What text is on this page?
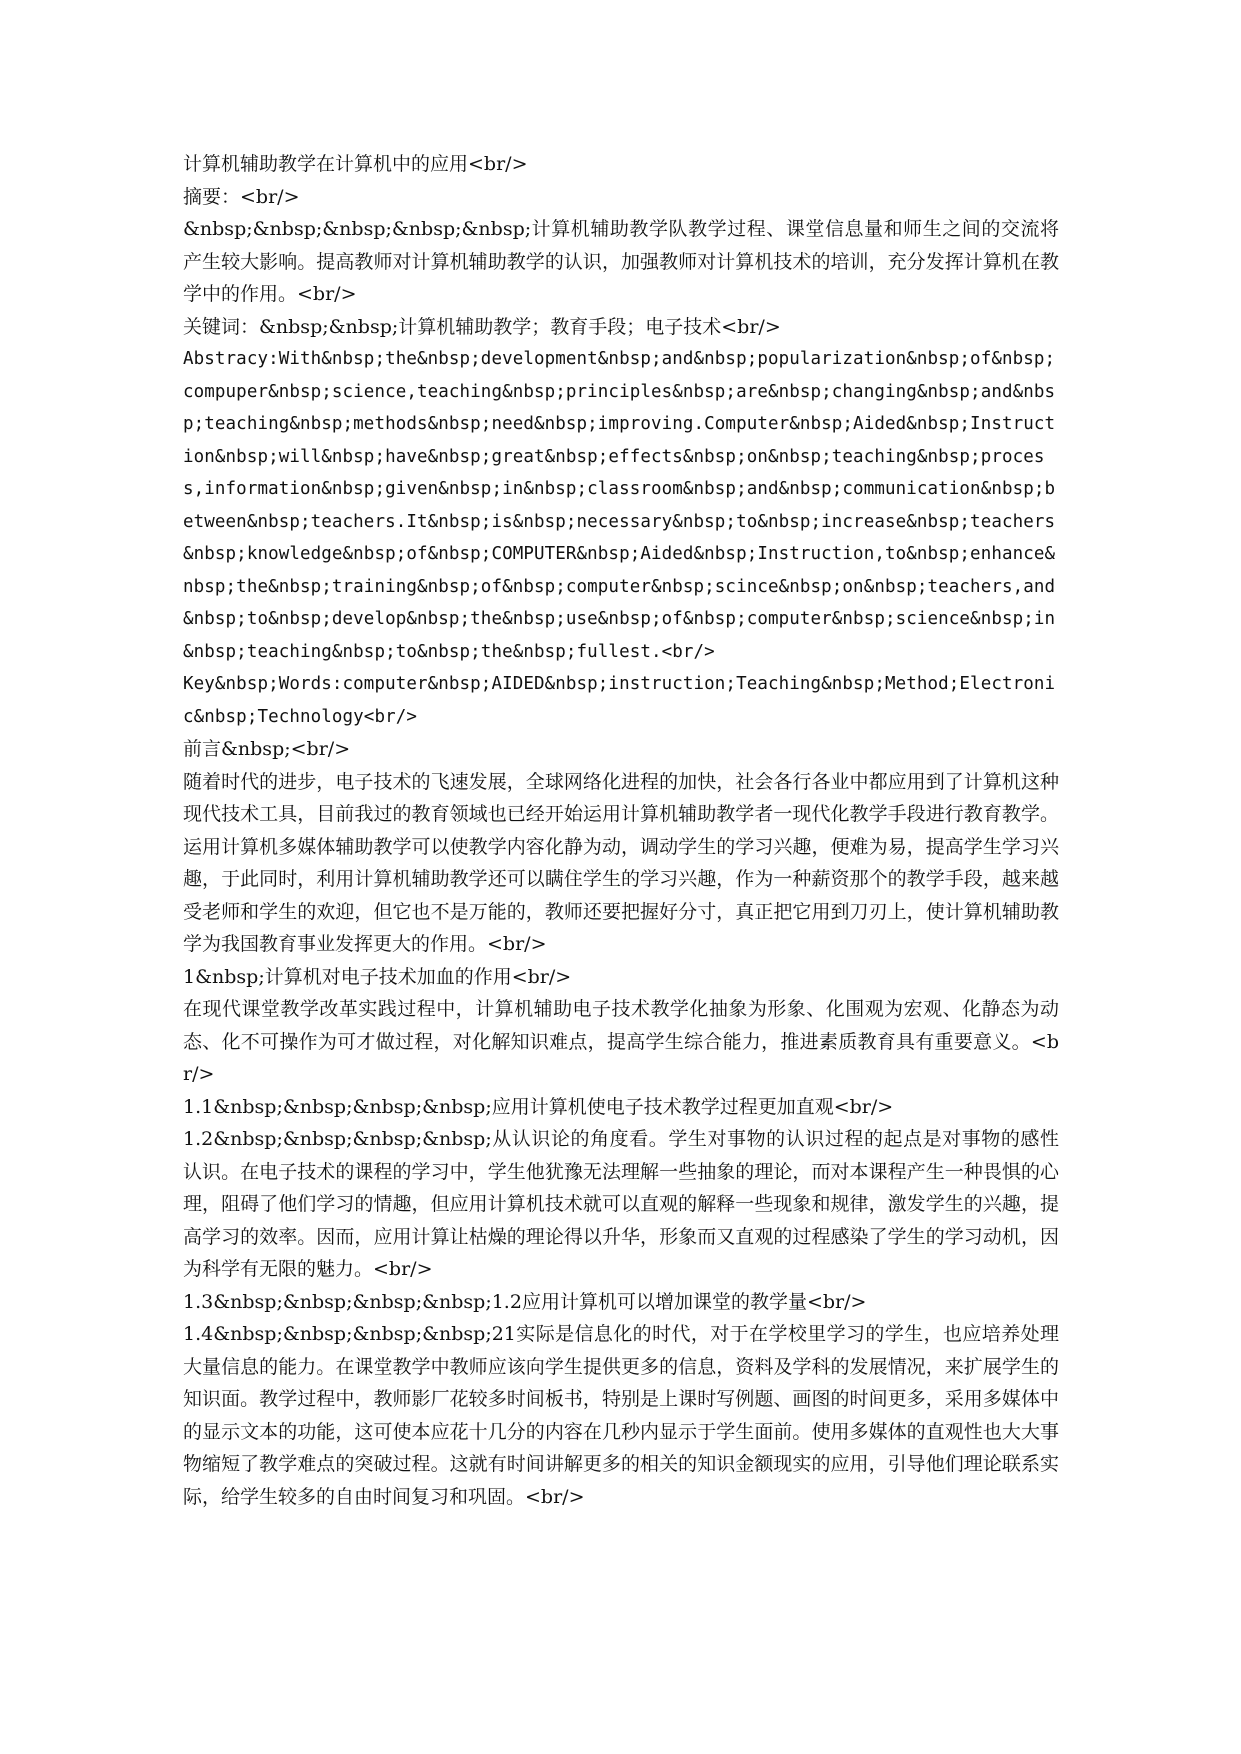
计算机辅助教学在计算机中的应用<br/>

摘要：<br/>

&nbsp;&nbsp;&nbsp;&nbsp;&nbsp;计算机辅助教学队教学过程、课堂信息量和师生之间的交流将产生较大影响。提高教师对计算机辅助教学的认识，加强教师对计算机技术的培训，充分发挥计算机在教学中的作用。<br/>

关键词：&nbsp;&nbsp;计算机辅助教学；教育手段；电子技术<br/>

Abstracy:With&nbsp;the&nbsp;development&nbsp;and&nbsp;popularization&nbsp;of&nbsp;compuper&nbsp;science,teaching&nbsp;principles&nbsp;are&nbsp;changing&nbsp;and&nbsp;teaching&nbsp;methods&nbsp;need&nbsp;improving.Computer&nbsp;Aided&nbsp;Instruction&nbsp;will&nbsp;have&nbsp;great&nbsp;effects&nbsp;on&nbsp;teaching&nbsp;process,information&nbsp;given&nbsp;in&nbsp;classroom&nbsp;and&nbsp;communication&nbsp;between&nbsp;teachers.It&nbsp;is&nbsp;necessary&nbsp;to&nbsp;increase&nbsp;teachers&nbsp;knowledge&nbsp;of&nbsp;COMPUTER&nbsp;Aided&nbsp;Instruction,to&nbsp;enhance&nbsp;the&nbsp;training&nbsp;of&nbsp;computer&nbsp;scince&nbsp;on&nbsp;teachers,and&nbsp;to&nbsp;develop&nbsp;the&nbsp;use&nbsp;of&nbsp;computer&nbsp;science&nbsp;in&nbsp;teaching&nbsp;to&nbsp;the&nbsp;fullest.<br/>

Key&nbsp;Words:computer&nbsp;AIDED&nbsp;instruction;Teaching&nbsp;Method;Electronic&nbsp;Technology<br/>

前言&nbsp;<br/>

随着时代的进步，电子技术的飞速发展，全球网络化进程的加快，社会各行各业中都应用到了计算机这种现代技术工具，目前我过的教育领域也已经开始运用计算机辅助教学者一现代化教学手段进行教育教学。运用计算机多媒体辅助教学可以使教学内容化静为动，调动学生的学习兴趣，便难为易，提高学生学习兴趣，于此同时，利用计算机辅助教学还可以瞒住学生的学习兴趣，作为一种薪资那个的教学手段，越来越受老师和学生的欢迎，但它也不是万能的，教师还要把握好分寸，真正把它用到刀刃上，使计算机辅助教学为我国教育事业发挥更大的作用。<br/>

1&nbsp;计算机对电子技术加血的作用<br/>

在现代课堂教学改革实践过程中，计算机辅助电子技术教学化抽象为形象、化围观为宏观、化静态为动态、化不可操作为可才做过程，对化解知识难点，提高学生综合能力，推进素质教育具有重要意义。<br/>

1.1&nbsp;&nbsp;&nbsp;&nbsp;应用计算机使电子技术教学过程更加直观<br/>

1.2&nbsp;&nbsp;&nbsp;&nbsp;从认识论的角度看。学生对事物的认识过程的起点是对事物的感性认识。在电子技术的课程的学习中，学生他犹豫无法理解一些抽象的理论，而对本课程产生一种畏惧的心理，阻碍了他们学习的情趣，但应用计算机技术就可以直观的解释一些现象和规律，激发学生的兴趣，提高学习的效率。因而，应用计算让枯燥的理论得以升华，形象而又直观的过程感染了学生的学习动机，因为科学有无限的魅力。<br/>

1.3&nbsp;&nbsp;&nbsp;&nbsp;1.2应用计算机可以增加课堂的教学量<br/>

1.4&nbsp;&nbsp;&nbsp;&nbsp;21实际是信息化的时代，对于在学校里学习的学生，也应培养处理大量信息的能力。在课堂教学中教师应该向学生提供更多的信息，资料及学科的发展情况，来扩展学生的知识面。教学过程中，教师影厂花较多时间板书，特别是上课时写例题、画图的时间更多，采用多媒体中的显示文本的功能，这可使本应花十几分的内容在几秒内显示于学生面前。使用多媒体的直观性也大大事物缩短了教学难点的突破过程。这就有时间讲解更多的相关的知识金额现实的应用，引导他们理论联系实际，给学生较多的自由时间复习和巩固。<br/>
